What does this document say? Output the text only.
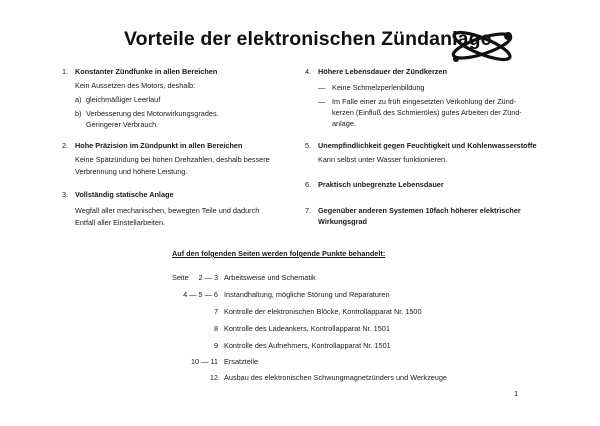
Vorteile der elektronischen Zündanlage
1. Konstanter Zündfunke in allen Bereichen
Kein Aussetzen des Motors, deshalb:
a) gleichmäßiger Leerlauf
b) Verbesserung des Motorwirkungsgrades.
Geringerer Verbrauch.
2. Hohe Präzision im Zündpunkt in allen Bereichen
Keine Spätzündung bei hohen Drehzahlen, deshalb bessere
Verbrennung und höhere Leistung.
3. Vollständig statische Anlage
Wegfall aller mechanischen, bewegten Teile und dadurch
Entfall aller Einstellarbeiten.
4. Höhere Lebensdauer der Zündkerzen
— Keine Schmelzperlenbildung
— Im Falle einer zu früh eingesetzten Verkohlung der Zünd-
kerzen (Einfluß des Schmieröles) gutes Arbeiten der Zünd-
anlage.
5. Unempfindlichkeit gegen Feuchtigkeit und Kohlenwasserstoffe
Kann selbst unter Wasser funktionieren.
6. Praktisch unbegrenzte Lebensdauer
7. Gegenüber anderen Systemen 10fach höherer elektrischer
Wirkungsgrad
Auf den folgenden Seiten werden folgende Punkte behandelt:
Seite	2 — 3 Arbeitsweise und Schematik
4 — 5 — 6 Instandhaltung, mögliche Störung und Reparaturen
7 Kontrolle der elektronischen Blöcke, Kontrollapparat Nr. 1500
8 Kontrolle des Ladeankers, Kontrollapparat Nr. 1501
9 Kontrolle des Aufnehmers, Kontrollapparat Nr. 1501
10 — 11 Ersatzteile
12 Ausbau des elektronischen Schwungmagnetzünders und Werkzeuge
1
